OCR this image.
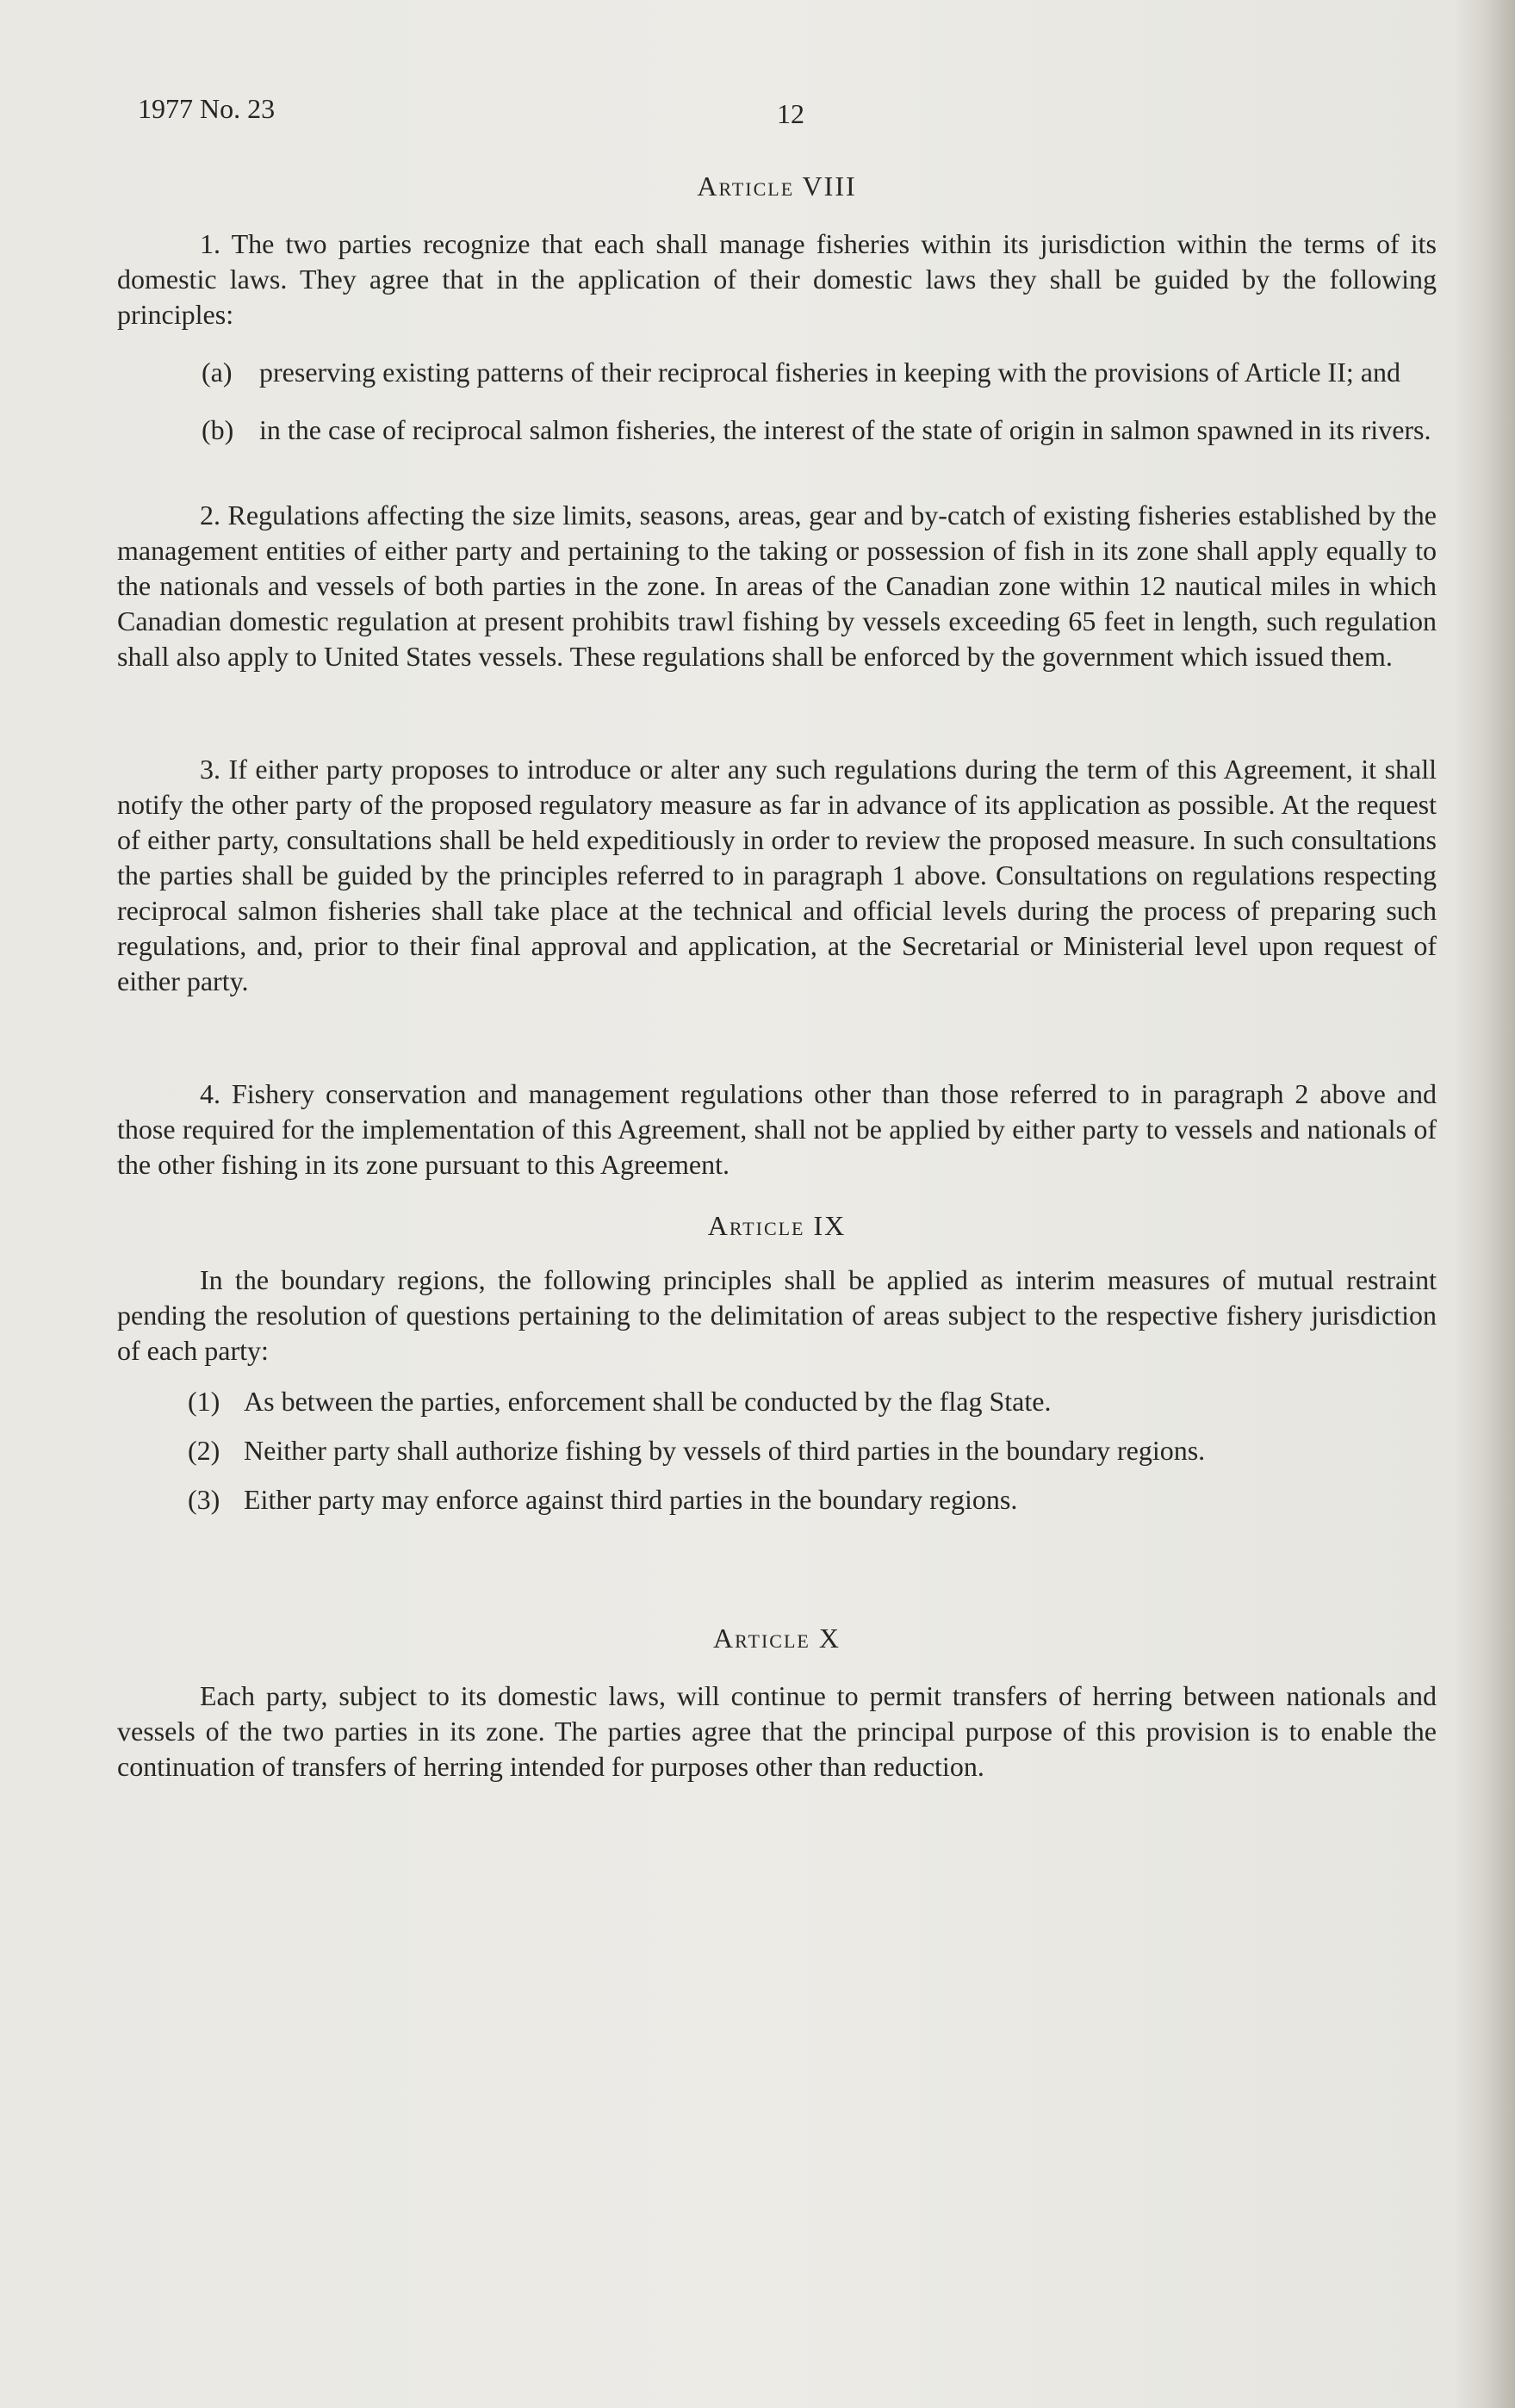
1977 No. 23	12
Article VIII

1. The two parties recognize that each shall manage fisheries within its jurisdiction within the terms of its domestic laws. They agree that in the application of their domestic laws they shall be guided by the following principles:

(a) preserving existing patterns of their reciprocal fisheries in keeping with the provisions of Article II; and
(b) in the case of reciprocal salmon fisheries, the interest of the state of origin in salmon spawned in its rivers.

2. Regulations affecting the size limits, seasons, areas, gear and by-catch of existing fisheries established by the management entities of either party and pertaining to the taking or possession of fish in its zone shall apply equally to the nationals and vessels of both parties in the zone. In areas of the Canadian zone within 12 nautical miles in which Canadian domestic regulation at present prohibits trawl fishing by vessels exceeding 65 feet in length, such regulation shall also apply to United States vessels. These regulations shall be enforced by the government which issued them.

3. If either party proposes to introduce or alter any such regulations during the term of this Agreement, it shall notify the other party of the proposed regulatory measure as far in advance of its application as possible. At the request of either party, consultations shall be held expeditiously in order to review the proposed measure. In such consultations the parties shall be guided by the principles referred to in paragraph 1 above. Consultations on regulations respecting reciprocal salmon fisheries shall take place at the technical and official levels during the process of preparing such regulations, and, prior to their final approval and application, at the Secretarial or Ministerial level upon request of either party.

4. Fishery conservation and management regulations other than those referred to in paragraph 2 above and those required for the implementation of this Agreement, shall not be applied by either party to vessels and nationals of the other fishing in its zone pursuant to this Agreement.

Article IX

In the boundary regions, the following principles shall be applied as interim measures of mutual restraint pending the resolution of questions pertaining to the delimitation of areas subject to the respective fishery jurisdiction of each party:

(1) As between the parties, enforcement shall be conducted by the flag State.
(2) Neither party shall authorize fishing by vessels of third parties in the boundary regions.
(3) Either party may enforce against third parties in the boundary regions.
Article X

Each party, subject to its domestic laws, will continue to permit transfers of herring between nationals and vessels of the two parties in its zone. The parties agree that the principal purpose of this provision is to enable the continuation of transfers of herring intended for purposes other than reduction.
